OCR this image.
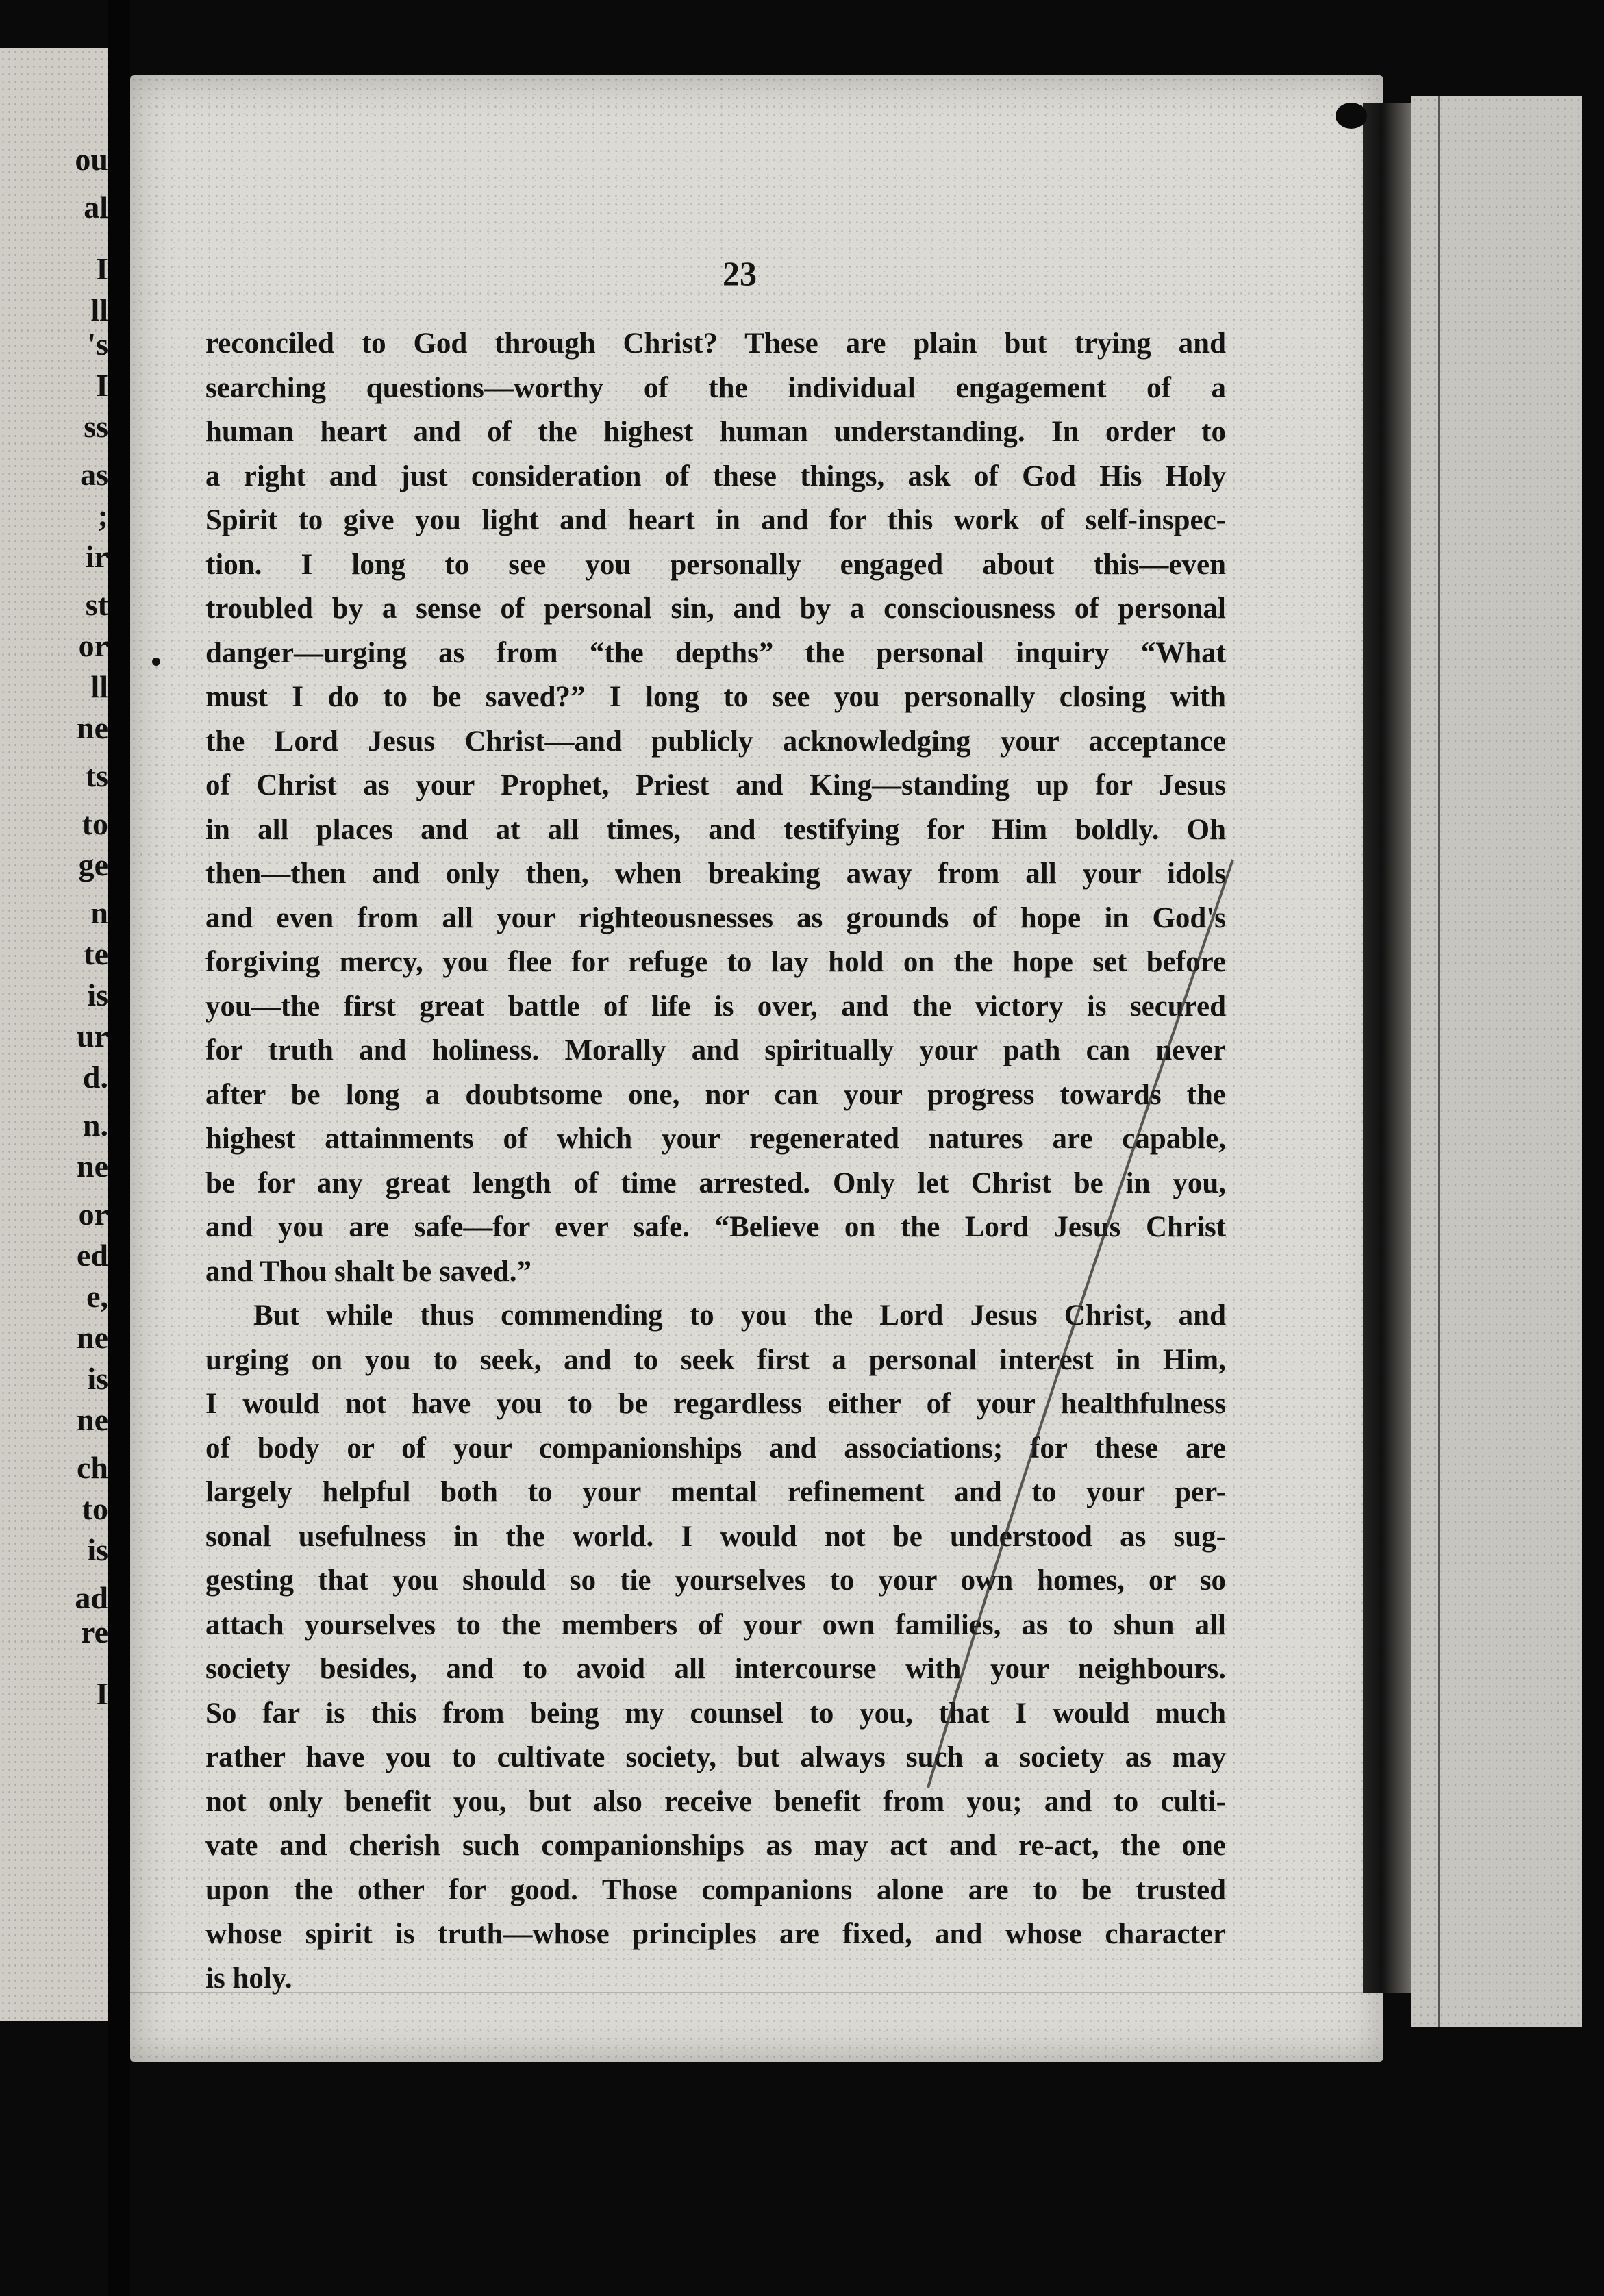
ou
al
I
ll
's
I
ss
as
;
ir
st
or
ll
ne
ts
to
ge
n
te
is
ur
d.
n.
ne
or
ed
e,
ne
is
ne
ch
to
is
ad
re
I

23

reconciled to God through Christ? These are plain but trying and
searching questions—worthy of the individual engagement of a
human heart and of the highest human understanding. In order to
a right and just consideration of these things, ask of God His Holy
Spirit to give you light and heart in and for this work of self-inspec-
tion. I long to see you personally engaged about this—even
troubled by a sense of personal sin, and by a consciousness of personal
danger—urging as from “the depths” the personal inquiry “What
must I do to be saved?” I long to see you personally closing with
the Lord Jesus Christ—and publicly acknowledging your acceptance
of Christ as your Prophet, Priest and King—standing up for Jesus
in all places and at all times, and testifying for Him boldly. Oh
then—then and only then, when breaking away from all your idols
and even from all your righteousnesses as grounds of hope in God's
forgiving mercy, you flee for refuge to lay hold on the hope set before
you—the first great battle of life is over, and the victory is secured
for truth and holiness. Morally and spiritually your path can never
after be long a doubtsome one, nor can your progress towards the
highest attainments of which your regenerated natures are capable,
be for any great length of time arrested. Only let Christ be in you,
and you are safe—for ever safe. “Believe on the Lord Jesus Christ
and Thou shalt be saved.”
But while thus commending to you the Lord Jesus Christ, and
urging on you to seek, and to seek first a personal interest in Him,
I would not have you to be regardless either of your healthfulness
of body or of your companionships and associations; for these are
largely helpful both to your mental refinement and to your per-
sonal usefulness in the world. I would not be understood as sug-
gesting that you should so tie yourselves to your own homes, or so
attach yourselves to the members of your own families, as to shun all
society besides, and to avoid all intercourse with your neighbours.
So far is this from being my counsel to you, that I would much
rather have you to cultivate society, but always such a society as may
not only benefit you, but also receive benefit from you; and to culti-
vate and cherish such companionships as may act and re-act, the one
upon the other for good. Those companions alone are to be trusted
whose spirit is truth—whose principles are fixed, and whose character
is holy.
